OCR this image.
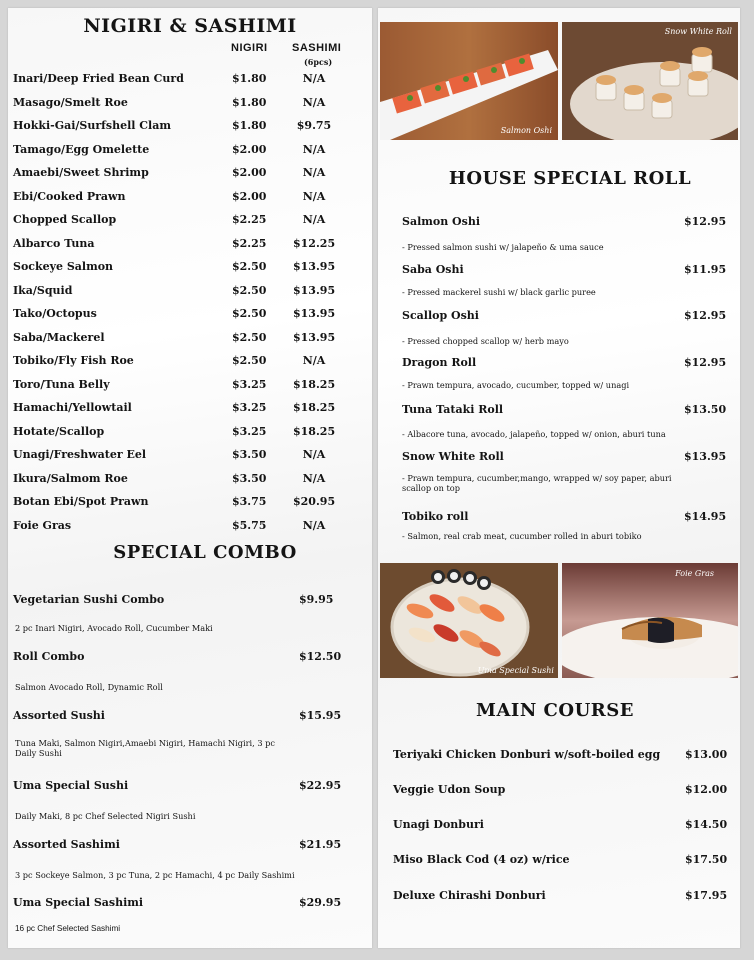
NIGIRI & SASHIMI
NIGIRI SASHIMI
(6pcs)
Inari/Deep Fried Bean Curd	$1.80	N/A
Masago/Smelt Roe	$1.80	N/A
Hokki-Gai/Surfshell Clam	$1.80	$9.75
Tamago/Egg Omelette	$2.00	N/A
Amaebi/Sweet Shrimp	$2.00	N/A
Ebi/Cooked Prawn	$2.00	N/A
Chopped Scallop	$2.25	N/A
Albarco Tuna	$2.25 $12.25
Sockeye Salmon	$2.50 $13.95
Ika/Squid	$2.50 $13.95
Tako/Octopus	$2.50 $13.95
Saba/Mackerel	$2.50 $13.95
Tobiko/Fly Fish Roe	$2.50	N/A
Toro/Tuna Belly	$3.25 $18.25
Hamachi/Yellowtail	$3.25 $18.25
Hotate/Scallop	$3.25 $18.25
Unagi/Freshwater Eel	$3.50	N/A
Ikura/Salmom Roe	$3.50	N/A
Botan Ebi/Spot Prawn	$3.75 $20.95
Foie Gras	$5.75	N/A
SPECIAL COMBO
Vegetarian Sushi Combo	$9.95
2 pc Inari Nigiri, Avocado Roll, Cucumber Maki
Roll Combo	$12.50
Salmon Avocado Roll, Dynamic Roll
Assorted Sushi	$15.95
Tuna Maki, Salmon Nigiri,Amaebi Nigiri, Hamachi Nigiri, 3 pc Daily Sushi
Uma Special Sushi	$22.95
Daily Maki, 8 pc Chef Selected Nigiri Sushi
Assorted Sashimi	$21.95
3 pc Sockeye Salmon, 3 pc Tuna, 2 pc Hamachi, 4 pc Daily Sashimi
Uma Special Sashimi	$29.95
16 pc Chef Selected Sashimi
Salmon Oshi
Snow White Roll
HOUSE SPECIAL ROLL
Salmon Oshi	$12.95
- Pressed salmon sushi w/ jalapeño & uma sauce
Saba Oshi	$11.95
- Pressed mackerel sushi w/ black garlic puree
Scallop Oshi	$12.95
- Pressed chopped scallop w/ herb mayo
Dragon Roll	$12.95
- Prawn tempura, avocado, cucumber, topped w/ unagi
Tuna Tataki Roll	$13.50
- Albacore tuna, avocado, jalapeño, topped w/ onion, aburi tuna
Snow White Roll	$13.95
- Prawn tempura, cucumber,mango, wrapped w/ soy paper, aburi scallop on top
Tobiko roll	$14.95
- Salmon, real crab meat, cucumber rolled in aburi tobiko
Uma Special Sushi
Foie Gras
MAIN COURSE
Teriyaki Chicken Donburi w/soft-boiled egg $13.00
Veggie Udon Soup	$12.00
Unagi Donburi	$14.50
Miso Black Cod (4 oz) w/rice	$17.50
Deluxe Chirashi Donburi	$17.95
